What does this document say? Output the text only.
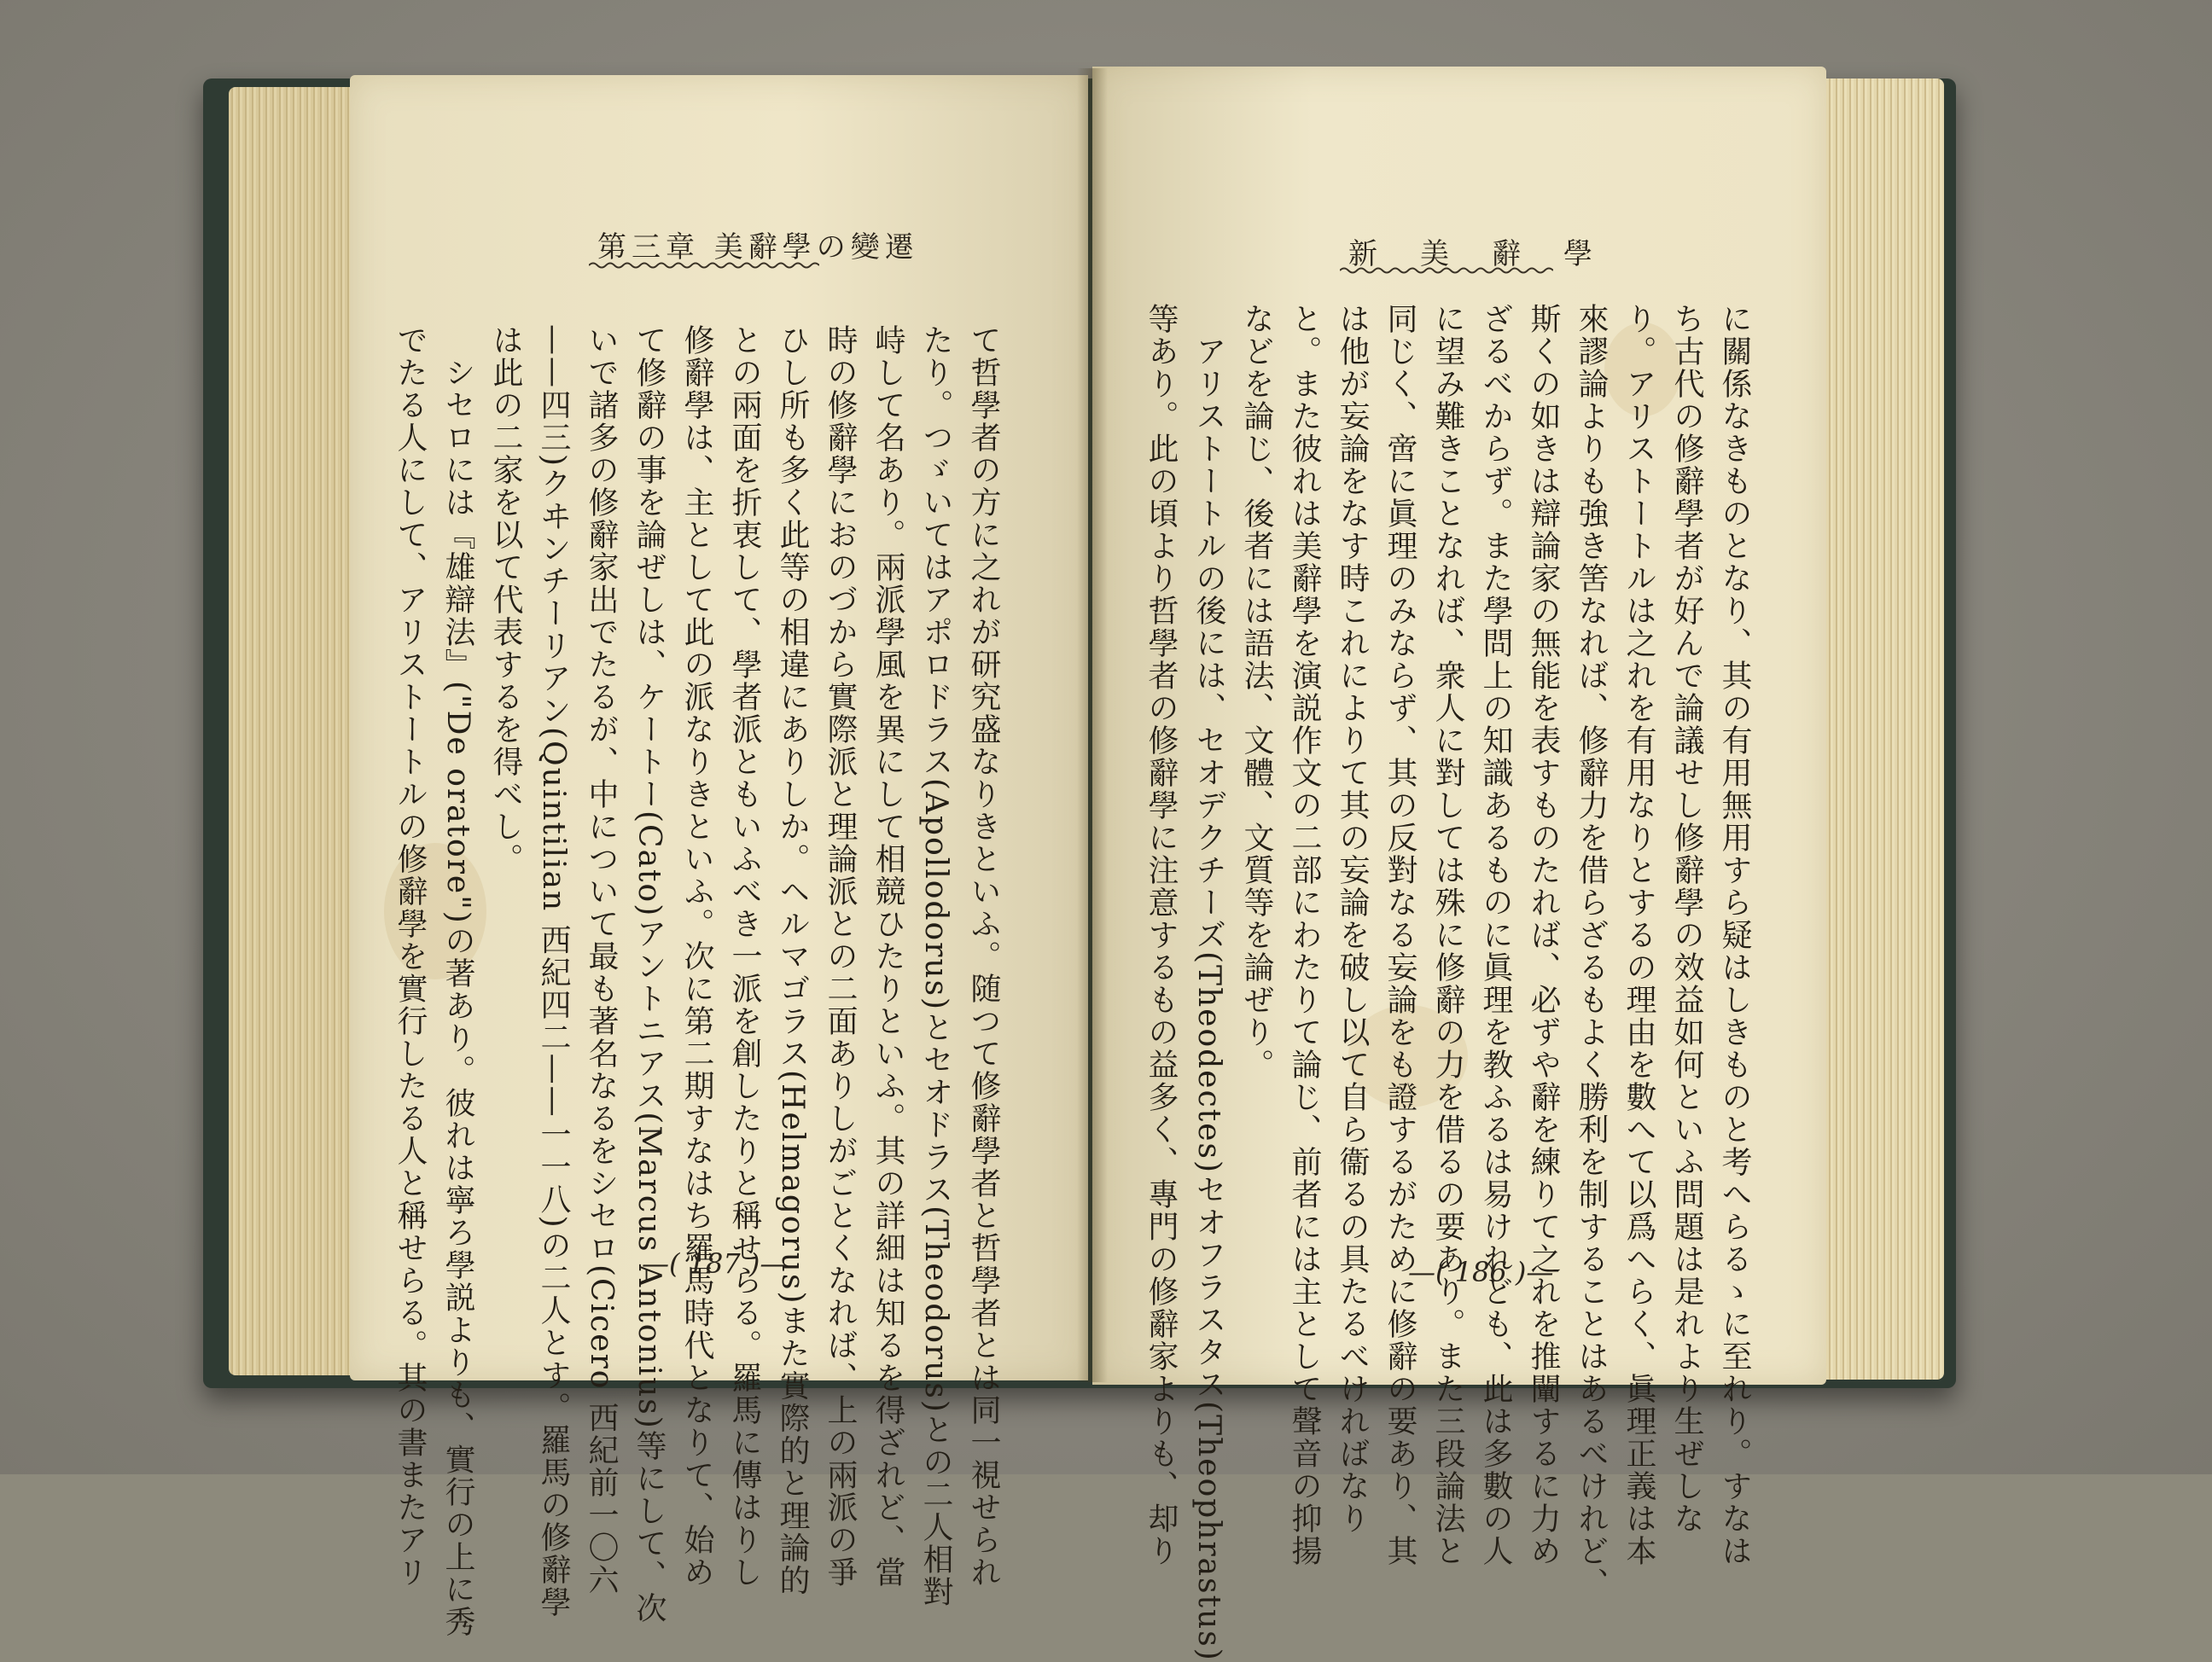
第三章 美辭學の變遷
て哲學者の方に之れが研究盛なりきといふ。随つて修辭學者と哲學者とは同一視せられ
たり。つゞいてはアポロドラス(Apollodorus)とセオドラス(Theodorus)との二人相對
峙して名あり。兩派學風を異にして相競ひたりといふ。其の詳細は知るを得ざれど、當
時の修辭學におのづから實際派と理論派との二面ありしがごとくなれば、上の兩派の爭
ひし所も多く此等の相違にありしか。ヘルマゴラス(Helmagorus)また實際的と理論的
との兩面を折衷して、學者派ともいふべき一派を創したりと稱せらる。羅馬に傳はりし
修辭學は、主として此の派なりきといふ。次に第二期すなはち羅馬時代となりて、始め
て修辭の事を論ぜしは、ケートー(Cato)アントニアス(Marcus Antonius)等にして、次
いで諸多の修辭家出でたるが、中について最も著名なるをシセロ(Cicero 西紀前一〇六
——四三)クヰンチーリアン(Quintilian 西紀四二——一一八)の二人とす。羅馬の修辭學
は此の二家を以て代表するを得べし。
　シセロには『雄辯法』("De oratore")の著あり。彼れは寧ろ學説よりも、實行の上に秀
でたる人にして、アリストートルの修辭學を實行したる人と稱せらる。其の書またアリ	—( 187 )—
新美辭學
に關係なきものとなり、其の有用無用すら疑はしきものと考へらるゝに至れり。すなは
ち古代の修辭學者が好んで論議せし修辭學の效益如何といふ問題は是れより生ぜしな
り。アリストートルは之れを有用なりとするの理由を數へて以爲へらく、眞理正義は本
來謬論よりも強き筈なれば、修辭力を借らざるもよく勝利を制することはあるべけれど、
斯くの如きは辯論家の無能を表すものたれば、必ずや辭を練りて之れを推闡するに力め
ざるべからず。また學問上の知識あるものに眞理を教ふるは易けれども、此は多數の人
に望み難きことなれば、衆人に對しては殊に修辭の力を借るの要あり。また三段論法と
同じく、啻に眞理のみならず、其の反對なる妄論をも證するがために修辭の要あり、其
は他が妄論をなす時これによりて其の妄論を破し以て自ら衞るの具たるべければなり
と。また彼れは美辭學を演説作文の二部にわたりて論じ、前者には主として聲音の抑揚
などを論じ、後者には語法、文體、文質等を論ぜり。
　アリストートルの後には、セオデクチーズ(Theodectes)セオフラスタス(Theophrastus)
等あり。此の頃より哲學者の修辭學に注意するもの益多く、專門の修辭家よりも、却り	—( 186 )—
